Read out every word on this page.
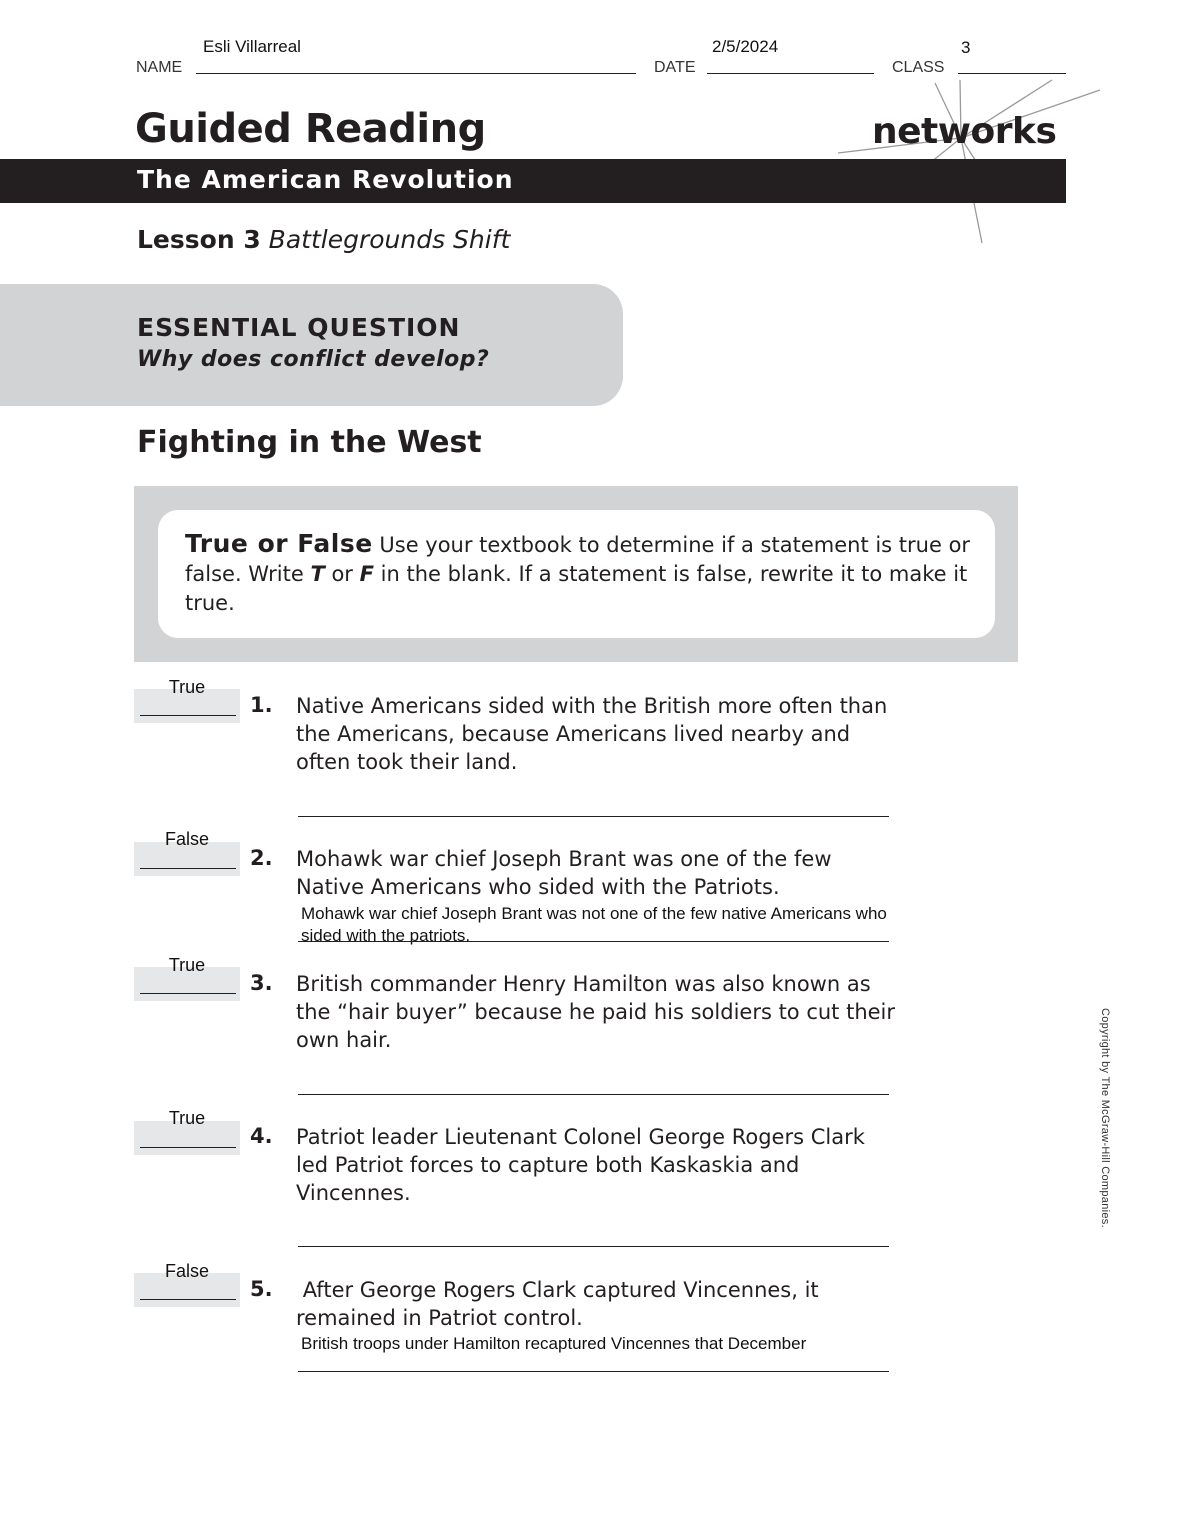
NAME
Esli Villarreal
DATE
2/5/2024
CLASS
3
Guided Reading	networks
The American Revolution
Lesson 3 Battlegrounds Shift
ESSENTIAL QUESTION
Why does conflict develop?
Fighting in the West
True or False Use your textbook to determine if a statement is true or false. Write T or F in the blank. If a statement is false, rewrite it to make it true.
True
1. Native Americans sided with the British more often than the Americans, because Americans lived nearby and often took their land.
False
2. Mohawk war chief Joseph Brant was one of the few Native Americans who sided with the Patriots.
Mohawk war chief Joseph Brant was not one of the few native Americans who sided with the patriots.
True
3. British commander Henry Hamilton was also known as the “hair buyer” because he paid his soldiers to cut their own hair.
True
4. Patriot leader Lieutenant Colonel George Rogers Clark led Patriot forces to capture both Kaskaskia and Vincennes.
False
5. After George Rogers Clark captured Vincennes, it remained in Patriot control.
British troops under Hamilton recaptured Vincennes that December
Copyright by The McGraw-Hill Companies.
